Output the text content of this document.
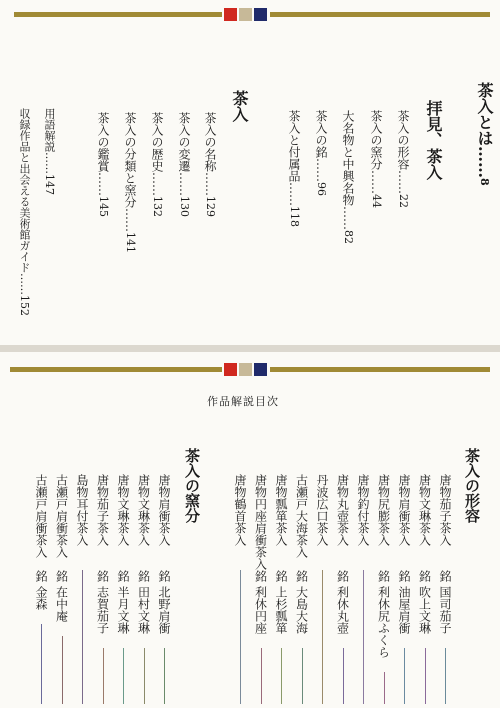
茶入とは……8
拝見、茶入
茶入の形容……22
茶入の窯分……44
大名物と中興名物……82
茶入の銘……96
茶入と付属品……118
茶入
茶入の名称……129
茶入の変遷……130
茶入の歴史……132
茶入の分類と窯分……141
茶入の鑑賞……145
用語解説……147
収録作品と出会える美術館ガイド……152
作品解説目次
茶入の形容
茶入の窯分	唐物茄子茶入
銘 国司茄子
唐物文琳茶入
銘 吹上文琳
唐物肩衝茶入
銘 油屋肩衝
唐物尻膨茶入
銘 利休尻ふくら
唐物釣付茶入
唐物丸壺茶入
銘 利休丸壺
丹波広口茶入
古瀬戸大海茶入
銘 大島大海
唐物瓢箪茶入
銘 上杉瓢箪
唐物円座肩衝茶入
銘 利休円座
唐物鶴首茶入
唐物肩衝茶入
銘 北野肩衝
唐物文琳茶入
銘 田村文琳
唐物文琳茶入
銘 半月文琳
唐物茄子茶入
銘 志賀茄子
島物耳付茶入
古瀬戸肩衝茶入
銘 在中庵
古瀬戸肩衝茶入
銘 金森
